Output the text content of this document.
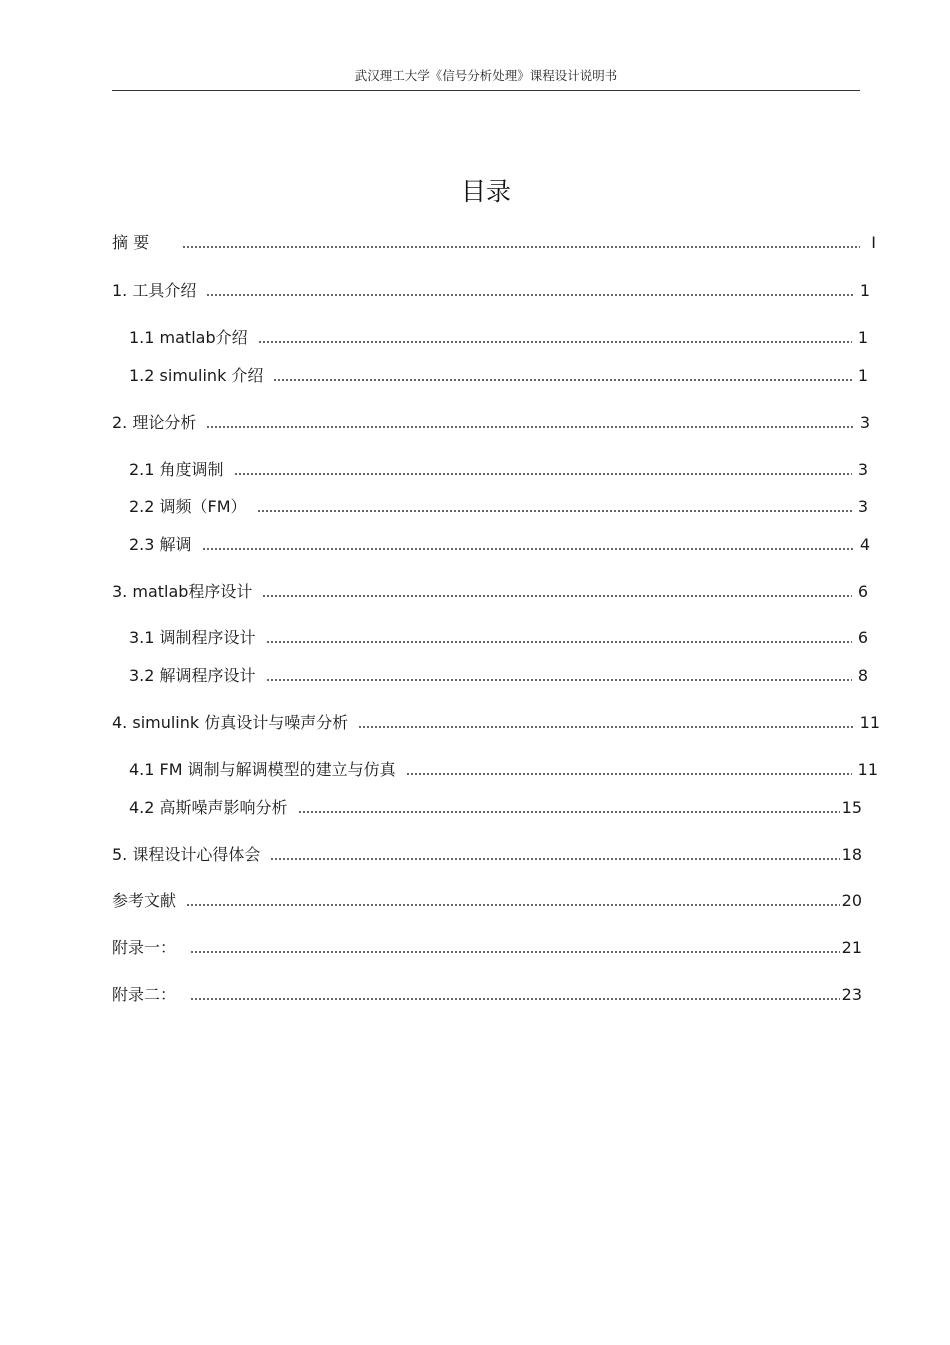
武汉理工大学《信号分析处理》课程设计说明书
目录
摘 要	I
1. 工具介绍	1
1.1 matlab介绍	1
1.2 simulink 介绍	1
2. 理论分析	3
2.1 角度调制	3
2.2 调频（FM）	3
2.3 解调	4
3. matlab程序设计	6
3.1 调制程序设计	6
3.2 解调程序设计	8
4. simulink 仿真设计与噪声分析	11
4.1 FM 调制与解调模型的建立与仿真	11
4.2 高斯噪声影响分析	15
5. 课程设计心得体会	18
参考文献	20
附录一：	21
附录二：	23
